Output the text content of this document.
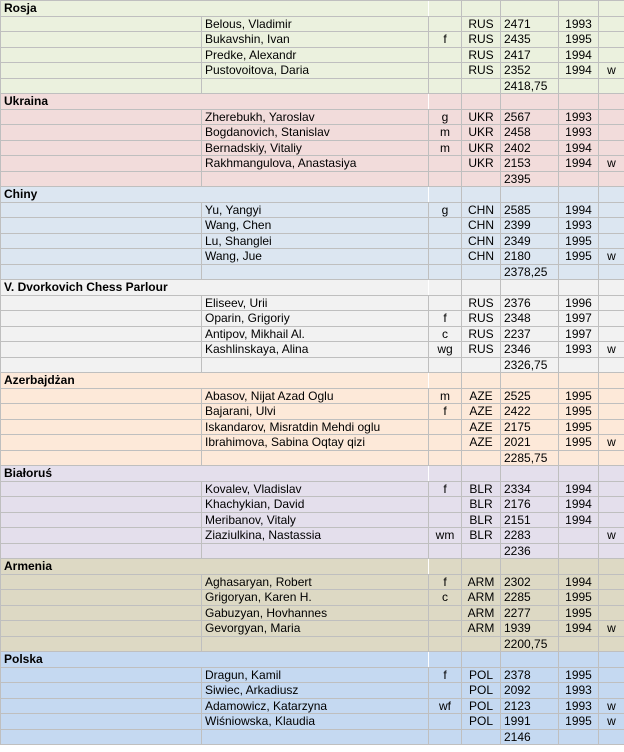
Rosja						
	Belous, Vladimir		RUS	2471	1993	
	Bukavshin, Ivan	f	RUS	2435	1995	
	Predke, Alexandr		RUS	2417	1994	
	Pustovoitova, Daria		RUS	2352	1994	w
				2418,75		
Ukraina						
	Zherebukh, Yaroslav	g	UKR	2567	1993	
	Bogdanovich, Stanislav	m	UKR	2458	1993	
	Bernadskiy, Vitaliy	m	UKR	2402	1994	
	Rakhmangulova, Anastasiya		UKR	2153	1994	w
				2395		
Chiny						
	Yu, Yangyi	g	CHN	2585	1994	
	Wang, Chen		CHN	2399	1993	
	Lu, Shanglei		CHN	2349	1995	
	Wang, Jue		CHN	2180	1995	w
				2378,25		
V. Dvorkovich Chess Parlour						
	Eliseev, Urii		RUS	2376	1996	
	Oparin, Grigoriy	f	RUS	2348	1997	
	Antipov, Mikhail Al.	c	RUS	2237	1997	
	Kashlinskaya, Alina	wg	RUS	2346	1993	w
				2326,75		
Azerbajdżan						
	Abasov, Nijat Azad Oglu	m	AZE	2525	1995	
	Bajarani, Ulvi	f	AZE	2422	1995	
	Iskandarov, Misratdin Mehdi oglu		AZE	2175	1995	
	Ibrahimova, Sabina Oqtay qizi		AZE	2021	1995	w
				2285,75		
Białoruś						
	Kovalev, Vladislav	f	BLR	2334	1994	
	Khachykian, David		BLR	2176	1994	
	Meribanov, Vitaly		BLR	2151	1994	
	Ziaziulkina, Nastassia	wm	BLR	2283		w
				2236		
Armenia						
	Aghasaryan, Robert	f	ARM	2302	1994	
	Grigoryan, Karen H.	c	ARM	2285	1995	
	Gabuzyan, Hovhannes		ARM	2277	1995	
	Gevorgyan, Maria		ARM	1939	1994	w
				2200,75		
Polska						
	Dragun, Kamil	f	POL	2378	1995	
	Siwiec, Arkadiusz		POL	2092	1993	
	Adamowicz, Katarzyna	wf	POL	2123	1993	w
	Wiśniowska, Klaudia		POL	1991	1995	w
				2146		
